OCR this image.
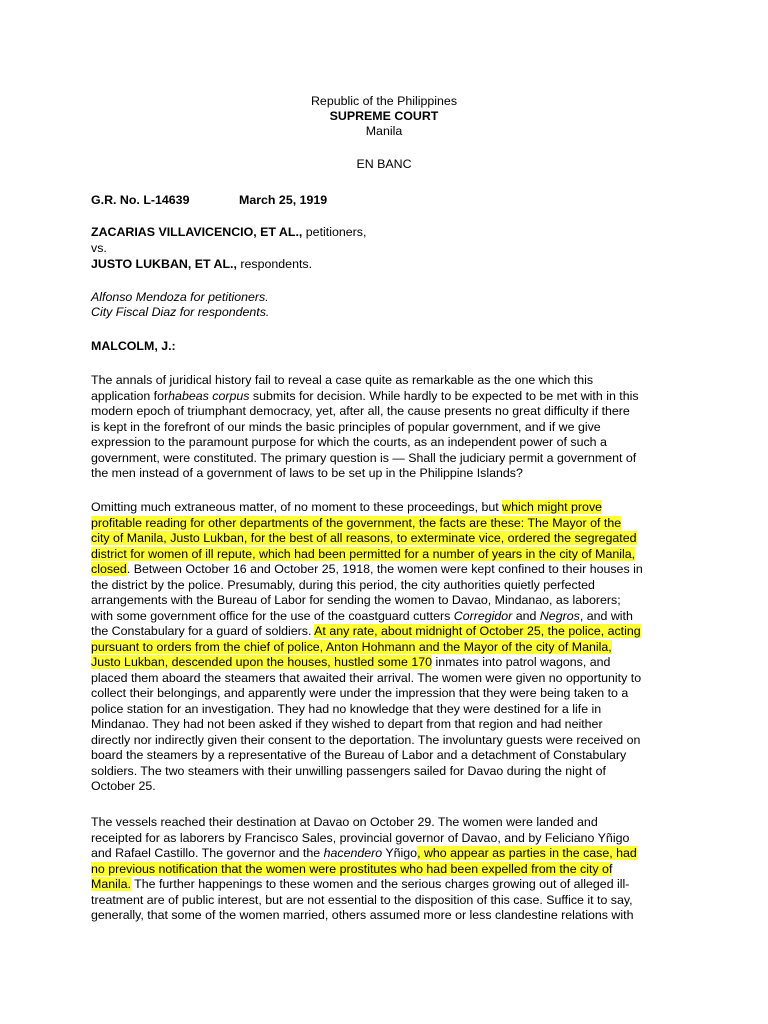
Republic of the Philippines
SUPREME COURT
Manila
EN BANC
G.R. No. L-14639	March 25, 1919
ZACARIAS VILLAVICENCIO, ET AL., petitioners,
vs.
JUSTO LUKBAN, ET AL., respondents.
Alfonso Mendoza for petitioners.
City Fiscal Diaz for respondents.
MALCOLM, J.:
The annals of juridical history fail to reveal a case quite as remarkable as the one which this
application forhabeas corpus submits for decision. While hardly to be expected to be met with in this
modern epoch of triumphant democracy, yet, after all, the cause presents no great difficulty if there
is kept in the forefront of our minds the basic principles of popular government, and if we give
expression to the paramount purpose for which the courts, as an independent power of such a
government, were constituted. The primary question is — Shall the judiciary permit a government of
the men instead of a government of laws to be set up in the Philippine Islands?
Omitting much extraneous matter, of no moment to these proceedings, but which might prove
profitable reading for other departments of the government, the facts are these: The Mayor of the
city of Manila, Justo Lukban, for the best of all reasons, to exterminate vice, ordered the segregated
district for women of ill repute, which had been permitted for a number of years in the city of Manila,
closed. Between October 16 and October 25, 1918, the women were kept confined to their houses in
the district by the police. Presumably, during this period, the city authorities quietly perfected
arrangements with the Bureau of Labor for sending the women to Davao, Mindanao, as laborers;
with some government office for the use of the coastguard cutters Corregidor and Negros, and with
the Constabulary for a guard of soldiers. At any rate, about midnight of October 25, the police, acting
pursuant to orders from the chief of police, Anton Hohmann and the Mayor of the city of Manila,
Justo Lukban, descended upon the houses, hustled some 170 inmates into patrol wagons, and
placed them aboard the steamers that awaited their arrival. The women were given no opportunity to
collect their belongings, and apparently were under the impression that they were being taken to a
police station for an investigation. They had no knowledge that they were destined for a life in
Mindanao. They had not been asked if they wished to depart from that region and had neither
directly nor indirectly given their consent to the deportation. The involuntary guests were received on
board the steamers by a representative of the Bureau of Labor and a detachment of Constabulary
soldiers. The two steamers with their unwilling passengers sailed for Davao during the night of
October 25.
The vessels reached their destination at Davao on October 29. The women were landed and
receipted for as laborers by Francisco Sales, provincial governor of Davao, and by Feliciano Yñigo
and Rafael Castillo. The governor and the hacendero Yñigo, who appear as parties in the case, had
no previous notification that the women were prostitutes who had been expelled from the city of
Manila. The further happenings to these women and the serious charges growing out of alleged ill-
treatment are of public interest, but are not essential to the disposition of this case. Suffice it to say,
generally, that some of the women married, others assumed more or less clandestine relations with
